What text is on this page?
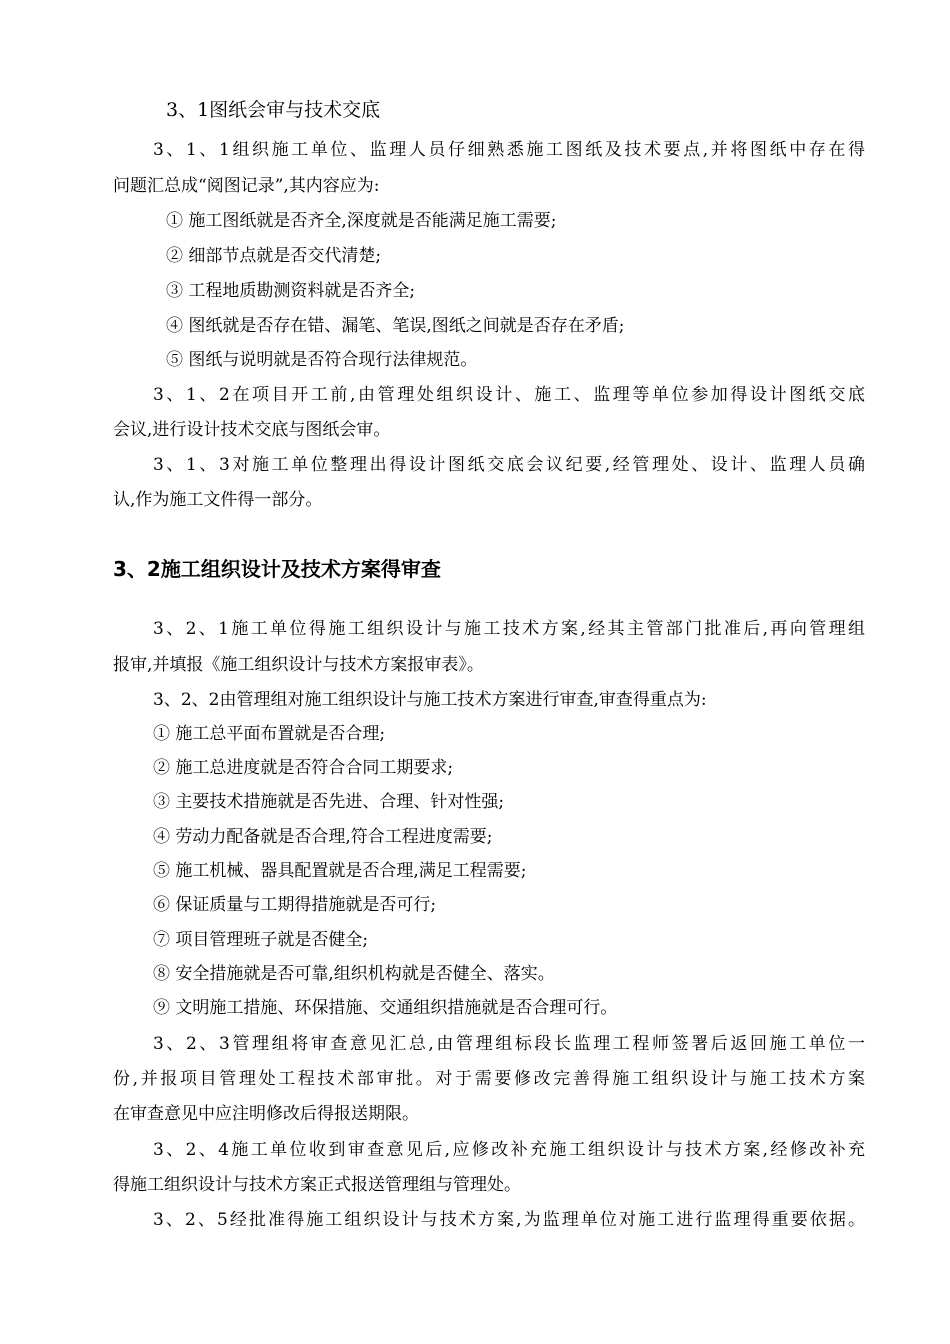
3、1图纸会审与技术交底
3、1、1组织施工单位、监理人员仔细熟悉施工图纸及技术要点,并将图纸中存在得
问题汇总成“阅图记录”,其内容应为:
① 施工图纸就是否齐全,深度就是否能满足施工需要;
② 细部节点就是否交代清楚;
③ 工程地质勘测资料就是否齐全;
④ 图纸就是否存在错、漏笔、笔误,图纸之间就是否存在矛盾;
⑤ 图纸与说明就是否符合现行法律规范。
3、1、2在项目开工前,由管理处组织设计、施工、监理等单位参加得设计图纸交底
会议,进行设计技术交底与图纸会审。
3、1、3对施工单位整理出得设计图纸交底会议纪要,经管理处、设计、监理人员确
认,作为施工文件得一部分。
3、2施工组织设计及技术方案得审查
3、2、1施工单位得施工组织设计与施工技术方案,经其主管部门批准后,再向管理组
报审,并填报《施工组织设计与技术方案报审表》。
3、2、2由管理组对施工组织设计与施工技术方案进行审查,审查得重点为:
① 施工总平面布置就是否合理;
② 施工总进度就是否符合合同工期要求;
③ 主要技术措施就是否先进、合理、针对性强;
④ 劳动力配备就是否合理,符合工程进度需要;
⑤ 施工机械、器具配置就是否合理,满足工程需要;
⑥ 保证质量与工期得措施就是否可行;
⑦ 项目管理班子就是否健全;
⑧ 安全措施就是否可靠,组织机构就是否健全、落实。
⑨ 文明施工措施、环保措施、交通组织措施就是否合理可行。
3、2、3管理组将审查意见汇总,由管理组标段长监理工程师签署后返回施工单位一
份,并报项目管理处工程技术部审批。对于需要修改完善得施工组织设计与施工技术方案
在审查意见中应注明修改后得报送期限。
3、2、4施工单位收到审查意见后,应修改补充施工组织设计与技术方案,经修改补充
得施工组织设计与技术方案正式报送管理组与管理处。
3、2、5经批准得施工组织设计与技术方案,为监理单位对施工进行监理得重要依据。
